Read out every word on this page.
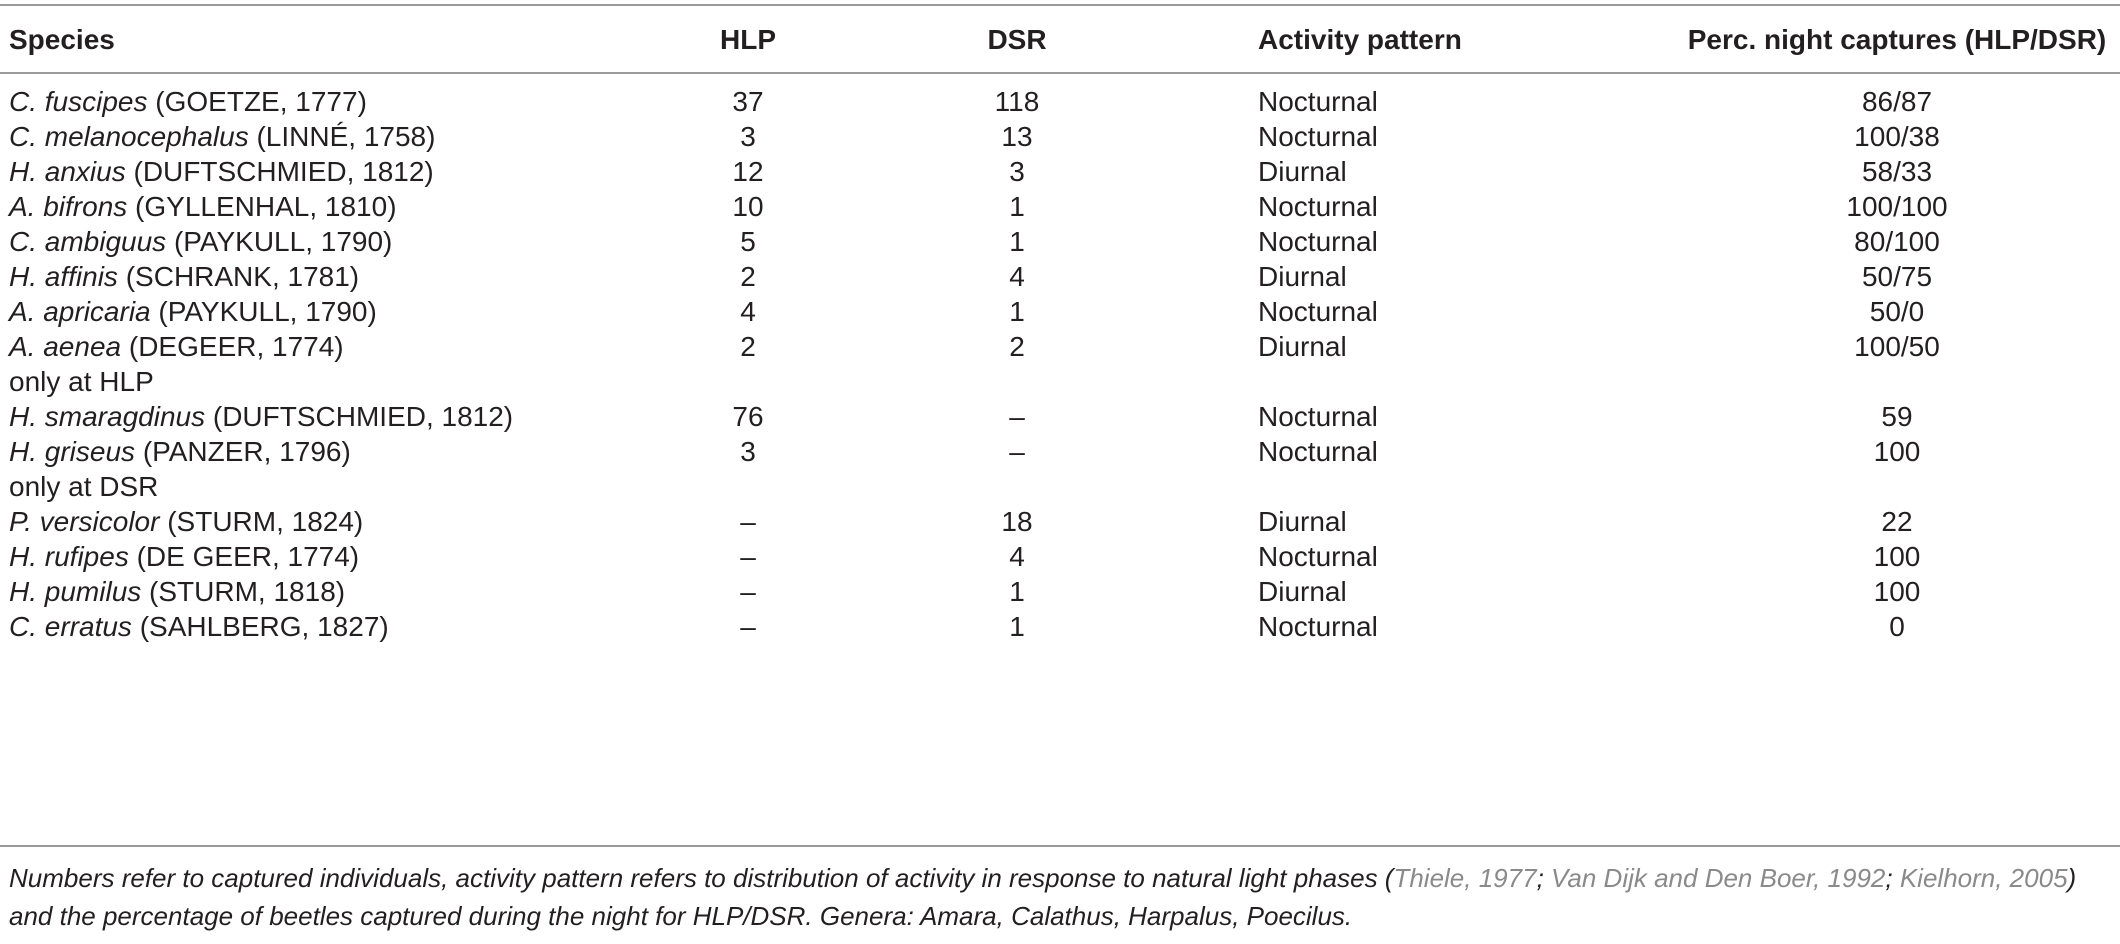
Species	HLP	DSR	Activity pattern	Perc. night captures (HLP/DSR)
C. fuscipes (GOETZE, 1777)	37	118	Nocturnal	86/87
C. melanocephalus (LINNÉ, 1758)	3	13	Nocturnal	100/38
H. anxius (DUFTSCHMIED, 1812)	12	3	Diurnal	58/33
A. bifrons (GYLLENHAL, 1810)	10	1	Nocturnal	100/100
C. ambiguus (PAYKULL, 1790)	5	1	Nocturnal	80/100
H. affinis (SCHRANK, 1781)	2	4	Diurnal	50/75
A. apricaria (PAYKULL, 1790)	4	1	Nocturnal	50/0
A. aenea (DEGEER, 1774)	2	2	Diurnal	100/50
only at HLP
H. smaragdinus (DUFTSCHMIED, 1812)	76	–	Nocturnal	59
H. griseus (PANZER, 1796)	3	–	Nocturnal	100
only at DSR
P. versicolor (STURM, 1824)	–	18	Diurnal	22
H. rufipes (DE GEER, 1774)	–	4	Nocturnal	100
H. pumilus (STURM, 1818)	–	1	Diurnal	100
C. erratus (SAHLBERG, 1827)	–	1	Nocturnal	0
Numbers refer to captured individuals, activity pattern refers to distribution of activity in response to natural light phases (Thiele, 1977; Van Dijk and Den Boer, 1992; Kielhorn, 2005) and the percentage of beetles captured during the night for HLP/DSR. Genera: Amara, Calathus, Harpalus, Poecilus.
